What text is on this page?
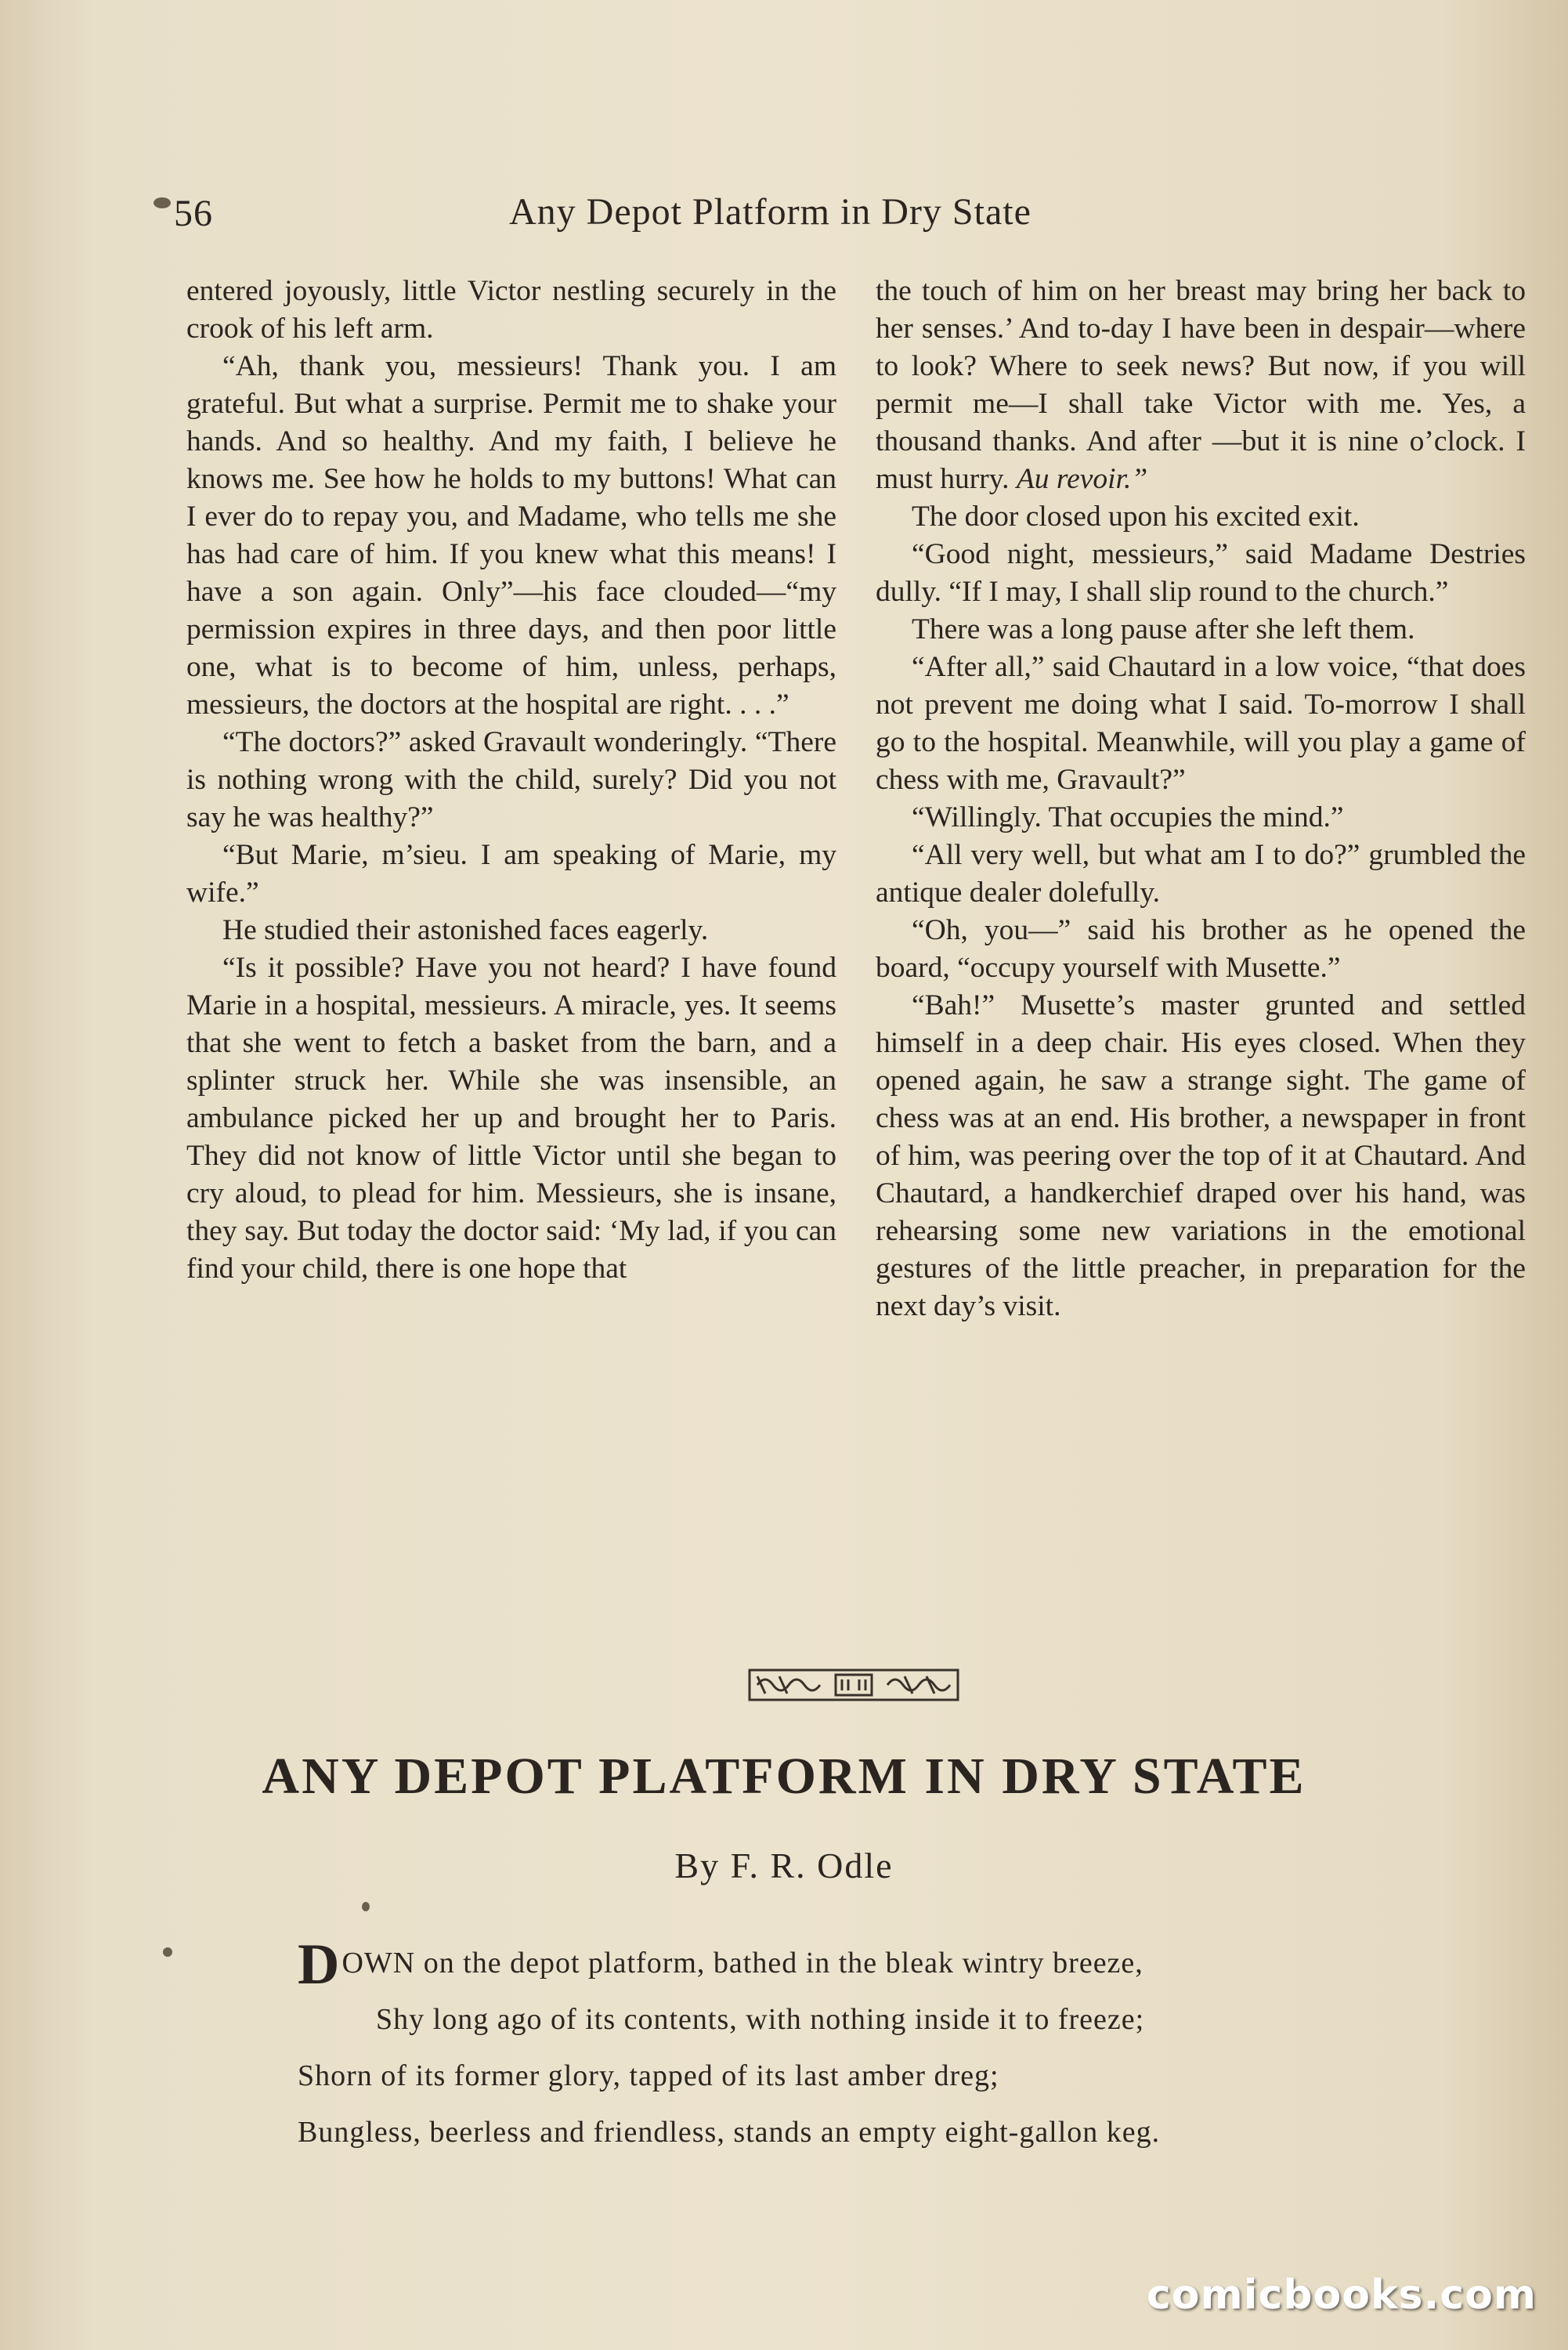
56	Any Depot Platform in Dry State

entered joyously, little Victor nestling securely in the crook of his left arm.

“Ah, thank you, messieurs! Thank you. I am grateful. But what a surprise. Permit me to shake your hands. And so healthy. And my faith, I believe he knows me. See how he holds to my buttons! What can I ever do to repay you, and Madame, who tells me she has had care of him. If you knew what this means! I have a son again. Only”—his face clouded—“my permission expires in three days, and then poor little one, what is to become of him, unless, perhaps, messieurs, the doctors at the hospital are right. . . .”

“The doctors?” asked Gravault wonderingly. “There is nothing wrong with the child, surely? Did you not say he was healthy?”

“But Marie, m’sieu. I am speaking of Marie, my wife.”

He studied their astonished faces eagerly.

“Is it possible? Have you not heard? I have found Marie in a hospital, messieurs. A miracle, yes. It seems that she went to fetch a basket from the barn, and a splinter struck her. While she was insensible, an ambulance picked her up and brought her to Paris. They did not know of little Victor until she began to cry aloud, to plead for him. Messieurs, she is insane, they say. But today the doctor said: ‘My lad, if you can find your child, there is one hope that

the touch of him on her breast may bring her back to her senses.’ And to-day I have been in despair—where to look? Where to seek news? But now, if you will permit me—I shall take Victor with me. Yes, a thousand thanks. And after —but it is nine o’clock. I must hurry. Au revoir.”

The door closed upon his excited exit.

“Good night, messieurs,” said Madame Destries dully. “If I may, I shall slip round to the church.”

There was a long pause after she left them.

“After all,” said Chautard in a low voice, “that does not prevent me doing what I said. To-morrow I shall go to the hospital. Meanwhile, will you play a game of chess with me, Gravault?”

“Willingly. That occupies the mind.”

“All very well, but what am I to do?” grumbled the antique dealer dolefully.

“Oh, you—” said his brother as he opened the board, “occupy yourself with Musette.”

“Bah!” Musette’s master grunted and settled himself in a deep chair. His eyes closed. When they opened again, he saw a strange sight. The game of chess was at an end. His brother, a newspaper in front of him, was peering over the top of it at Chautard. And Chautard, a handkerchief draped over his hand, was rehearsing some new variations in the emotional gestures of the little preacher, in preparation for the next day’s visit.

ANY DEPOT PLATFORM IN DRY STATE
By F. R. Odle
DOWN on the depot platform, bathed in the bleak wintry breeze,
Shy long ago of its contents, with nothing inside it to freeze;
Shorn of its former glory, tapped of its last amber dreg;
Bungless, beerless and friendless, stands an empty eight-gallon keg.
comicbooks.com
